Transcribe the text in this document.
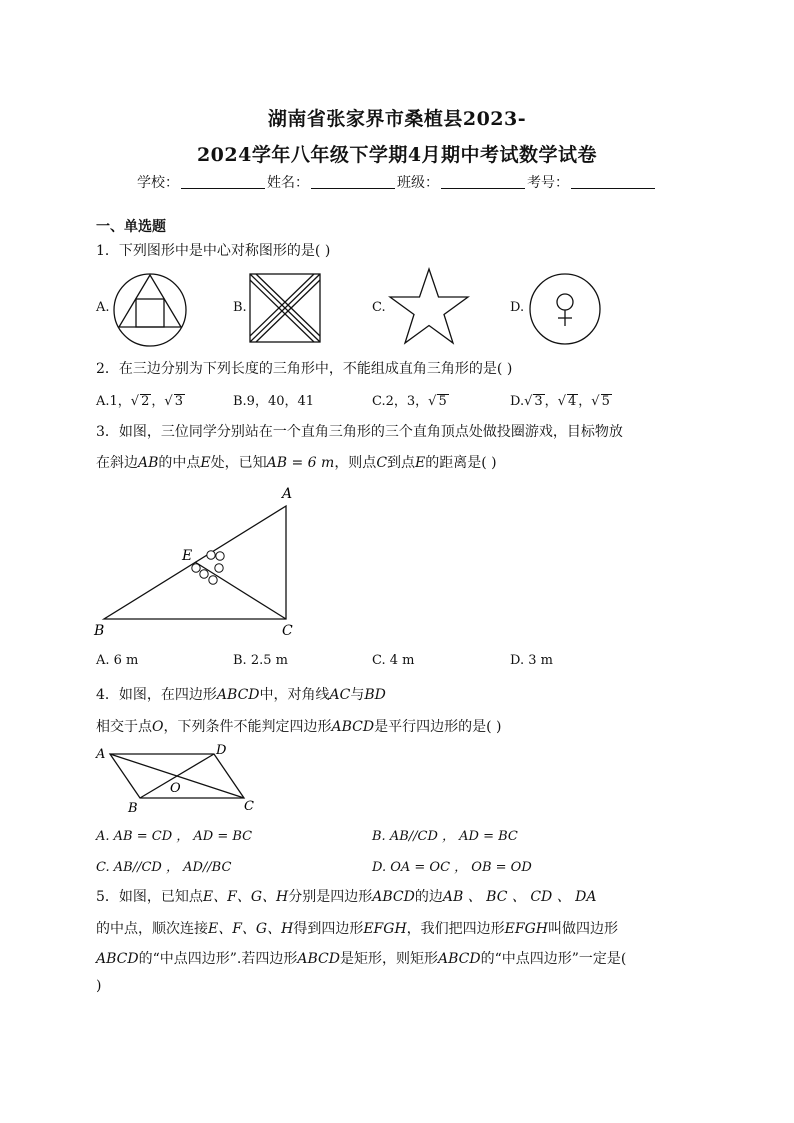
湖南省张家界市桑植县2023-
2024学年八年级下学期4月期中考试数学试卷
学校：	姓名：	班级：	考号：
一、单选题
1．下列图形中是中心对称图形的是( )
A.	B.	C.	D.
2．在三边分别为下列长度的三角形中，不能组成直角三角形的是( )
A.1，√ 2 ，√ 3	B.9，40，41	C.2，3，√ 5	D.√ 3 ，√ 4 ，√ 5
3．如图，三位同学分别站在一个直角三角形的三个直角顶点处做投圈游戏，目标物放
在斜边AB的中点E处，已知AB = 6 m，则点C到点E的距离是( )
A
B	C
E
A. 6 m	B. 2.5 m	C. 4 m	D. 3 m
4．如图，在四边形ABCD中，对角线AC与BD
相交于点O，下列条件不能判定四边形ABCD是平行四边形的是( )
A	D
B	C
O
A. AB = CD ， AD = BC	B. AB//CD ， AD = BC
C. AB//CD ， AD//BC	D. OA = OC ， OB = OD
5．如图，已知点E、F、G、H分别是四边形ABCD的边AB 、 BC 、 CD 、 DA
的中点，顺次连接E、F、G、H得到四边形EFGH，我们把四边形EFGH叫做四边形
ABCD的“中点四边形”.若四边形ABCD是矩形，则矩形ABCD的“中点四边形”一定是(
)
